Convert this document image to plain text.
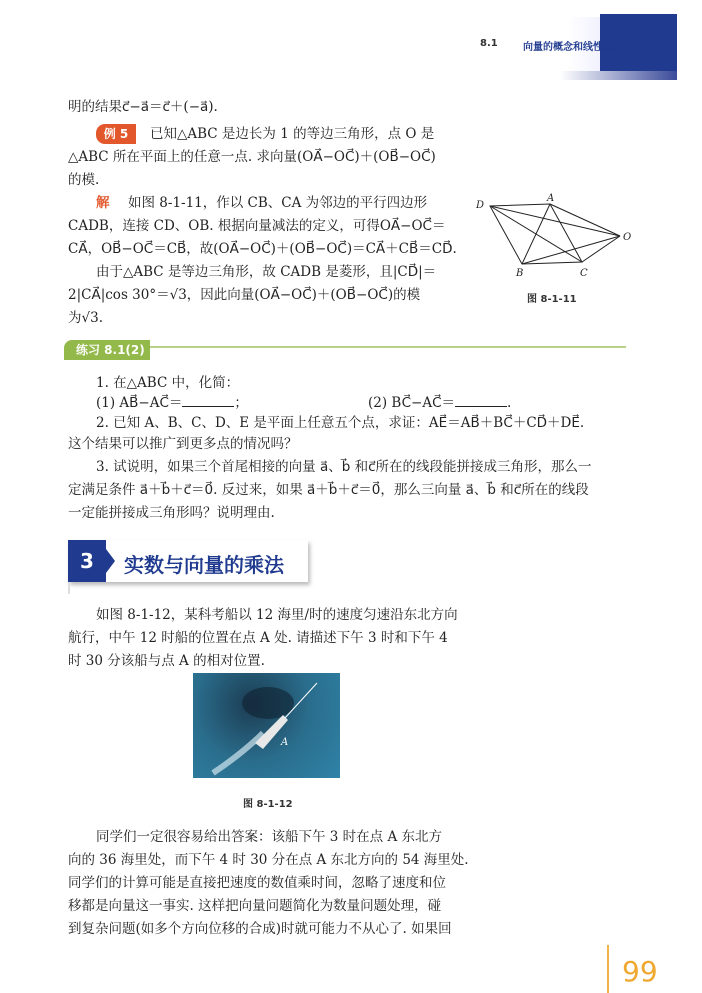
8.1	向量的概念和线性运算
明的结果c⃗−a⃗＝c⃗＋(−a⃗).
例 5	已知△ABC 是边长为 1 的等边三角形，点 O 是
△ABC 所在平面上的任意一点. 求向量(OA⃗−OC⃗)＋(OB⃗−OC⃗)
的模.
解 如图 8-1-11，作以 CB、CA 为邻边的平行四边形
CADB，连接 CD、OB. 根据向量减法的定义，可得OA⃗−OC⃗＝
CA⃗，OB⃗−OC⃗＝CB⃗，故(OA⃗−OC⃗)＋(OB⃗−OC⃗)＝CA⃗＋CB⃗＝CD⃗.
由于△ABC 是等边三角形，故 CADB 是菱形，且|CD⃗|＝
2|CA⃗|cos 30°＝√3，因此向量(OA⃗−OC⃗)＋(OB⃗−OC⃗)的模
为√3.
D
A
B	C
O
图 8-1-11
练习 8.1(2)
1. 在△ABC 中，化简：
(1) AB⃗−AC⃗＝	；	(2) BC⃗−AC⃗＝	.
2. 已知 A、B、C、D、E 是平面上任意五个点，求证：AE⃗＝AB⃗＋BC⃗＋CD⃗＋DE⃗.
这个结果可以推广到更多点的情况吗？
3. 试说明，如果三个首尾相接的向量 a⃗、b⃗ 和c⃗所在的线段能拼接成三角形，那么一
定满足条件 a⃗＋b⃗＋c⃗＝0⃗. 反过来，如果 a⃗＋b⃗＋c⃗＝0⃗，那么三向量 a⃗、b⃗ 和c⃗所在的线段
一定能拼接成三角形吗？说明理由.
3	实数与向量的乘法
如图 8-1-12，某科考船以 12 海里/时的速度匀速沿东北方向
航行，中午 12 时船的位置在点 A 处. 请描述下午 3 时和下午 4
时 30 分该船与点 A 的相对位置.
A
图 8-1-12
同学们一定很容易给出答案：该船下午 3 时在点 A 东北方
向的 36 海里处，而下午 4 时 30 分在点 A 东北方向的 54 海里处.
同学们的计算可能是直接把速度的数值乘时间，忽略了速度和位
移都是向量这一事实. 这样把向量问题简化为数量问题处理，碰
到复杂问题(如多个方向位移的合成)时就可能力不从心了. 如果回
99
